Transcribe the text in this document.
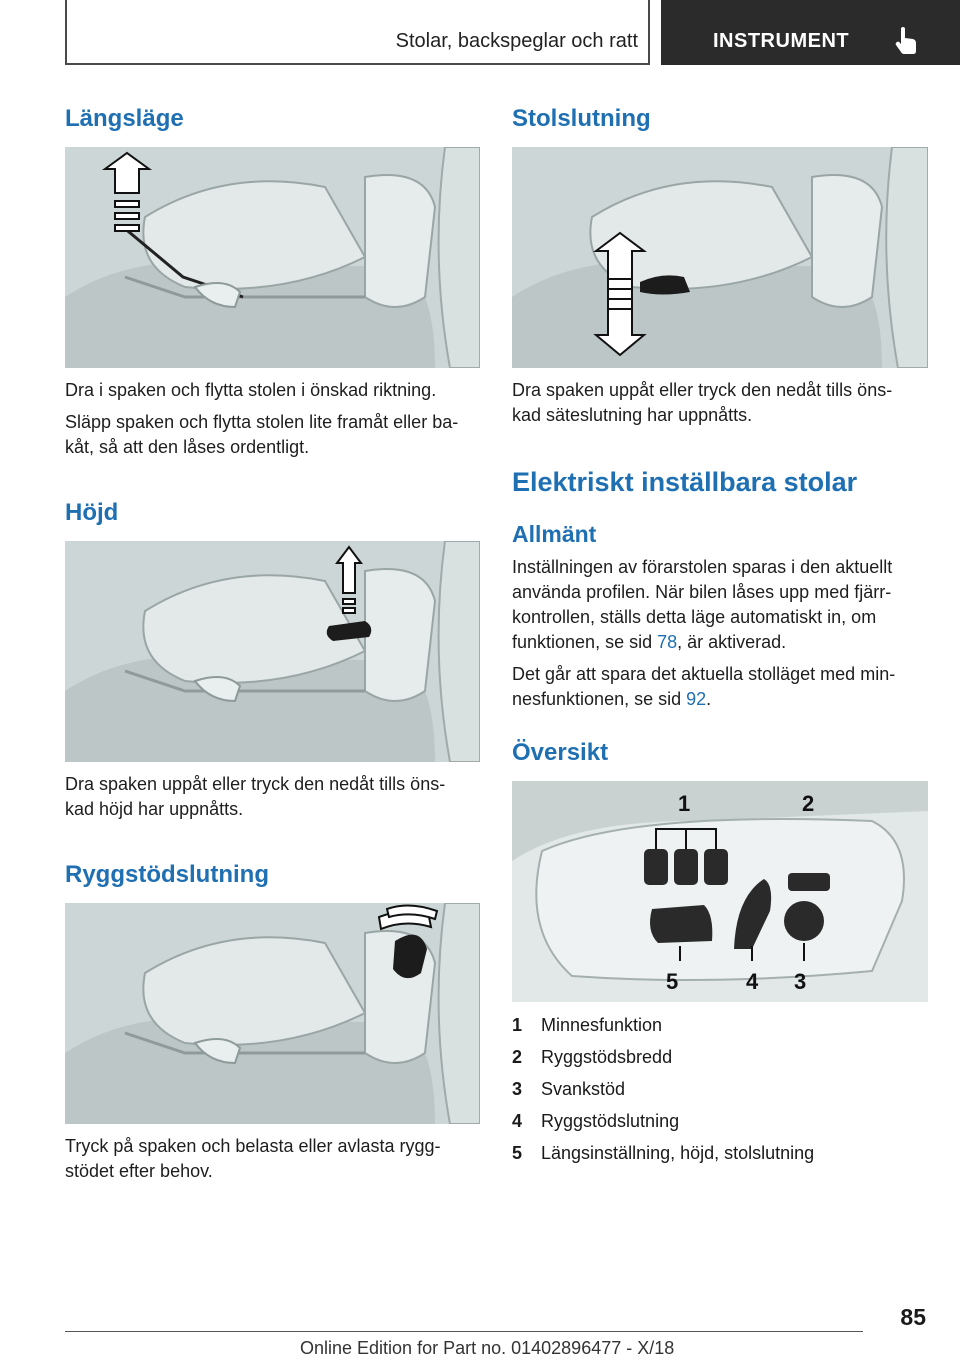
Stolar, backspeglar och ratt	INSTRUMENT
Längsläge

Dra i spaken och flytta stolen i önskad riktning.

Släpp spaken och flytta stolen lite framåt eller ba-

kåt, så att den låses ordentligt.

Höjd

Dra spaken uppåt eller tryck den nedåt tills öns-

kad höjd har uppnåtts.

Ryggstödslutning

Tryck på spaken och belasta eller avlasta rygg-

stödet efter behov.

Stolslutning

Dra spaken uppåt eller tryck den nedåt tills öns-

kad säteslutning har uppnåtts.

Elektriskt inställbara stolar
Allmänt

Inställningen av förarstolen sparas i den aktuellt

använda profilen. När bilen låses upp med fjärr-

kontrollen, ställs detta läge automatiskt in, om

funktionen, se sid 78, är aktiverad.

Det går att spara det aktuella stolläget med min-

nesfunktionen, se sid 92.

Översikt
1	2
5	4 3
1 Minnesfunktion
2 Ryggstödsbredd
3 Svankstöd
4 Ryggstödslutning
5 Längsinställning, höjd, stolslutning
85
Online Edition for Part no. 01402896477 - X/18
